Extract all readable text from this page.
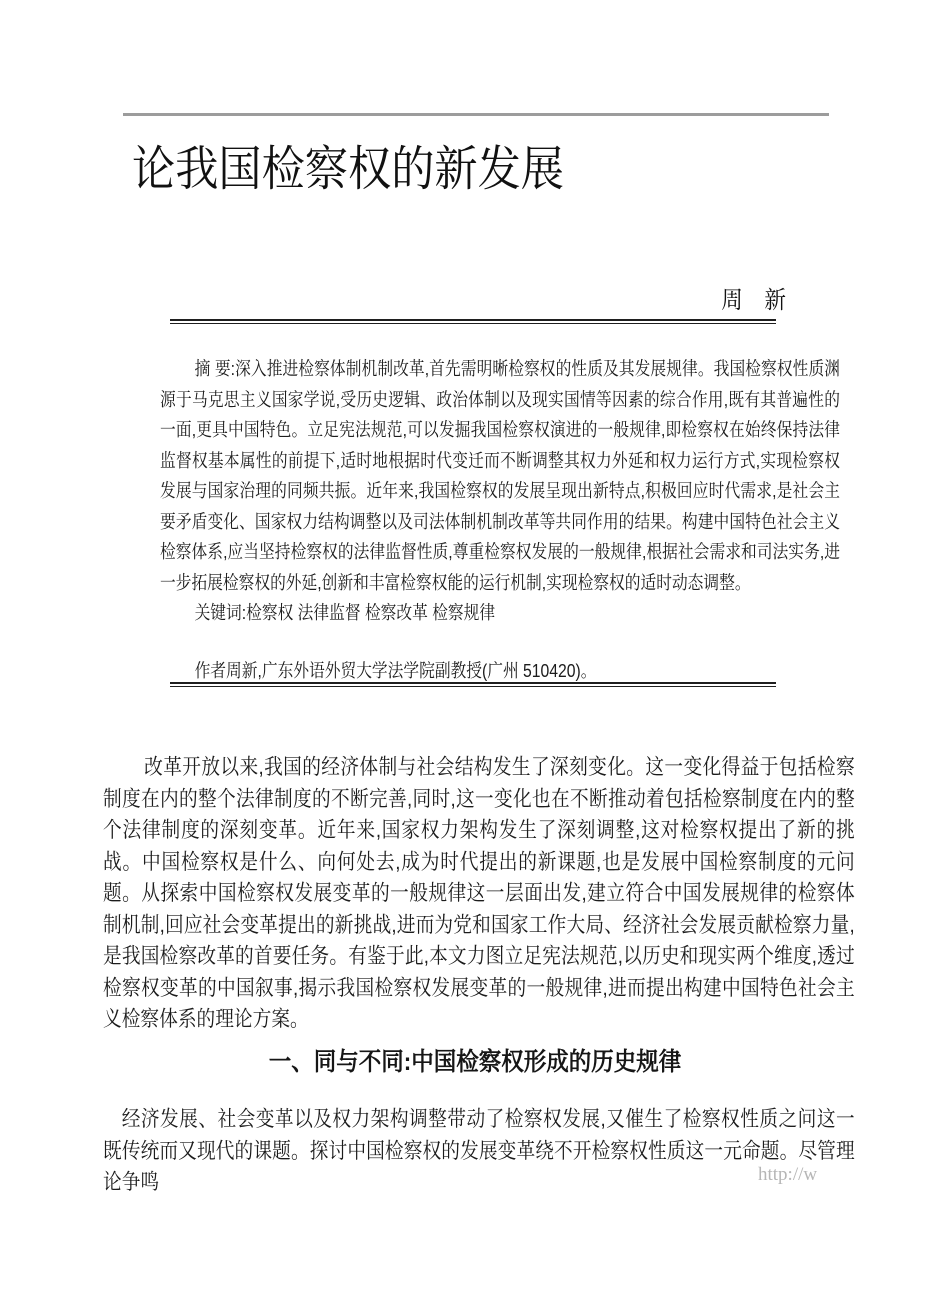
论我国检察权的新发展
周　新

摘 要:深入推进检察体制机制改革,首先需明晰检察权的性质及其发展规律。我国检察权性质渊源于马克思主义国家学说,受历史逻辑、政治体制以及现实国情等因素的综合作用,既有其普遍性的一面,更具中国特色。立足宪法规范,可以发掘我国检察权演进的一般规律,即检察权在始终保持法律监督权基本属性的前提下,适时地根据时代变迁而不断调整其权力外延和权力运行方式,实现检察权发展与国家治理的同频共振。近年来,我国检察权的发展呈现出新特点,积极回应时代需求,是社会主要矛盾变化、国家权力结构调整以及司法体制机制改革等共同作用的结果。构建中国特色社会主义检察体系,应当坚持检察权的法律监督性质,尊重检察权发展的一般规律,根据社会需求和司法实务,进一步拓展检察权的外延,创新和丰富检察权能的运行机制,实现检察权的适时动态调整。

关键词:检察权 法律监督 检察改革 检察规律

作者周新,广东外语外贸大学法学院副教授(广州 510420)。

改革开放以来,我国的经济体制与社会结构发生了深刻变化。这一变化得益于包括检察制度在内的整个法律制度的不断完善,同时,这一变化也在不断推动着包括检察制度在内的整个法律制度的深刻变革。近年来,国家权力架构发生了深刻调整,这对检察权提出了新的挑战。中国检察权是什么、向何处去,成为时代提出的新课题,也是发展中国检察制度的元问题。从探索中国检察权发展变革的一般规律这一层面出发,建立符合中国发展规律的检察体制机制,回应社会变革提出的新挑战,进而为党和国家工作大局、经济社会发展贡献检察力量,是我国检察改革的首要任务。有鉴于此,本文力图立足宪法规范,以历史和现实两个维度,透过检察权变革的中国叙事,揭示我国检察权发展变革的一般规律,进而提出构建中国特色社会主义检察体系的理论方案。

一、同与不同:中国检察权形成的历史规律

经济发展、社会变革以及权力架构调整带动了检察权发展,又催生了检察权性质之问这一既传统而又现代的课题。探讨中国检察权的发展变革绕不开检察权性质这一元命题。尽管理论争鸣	http://w
